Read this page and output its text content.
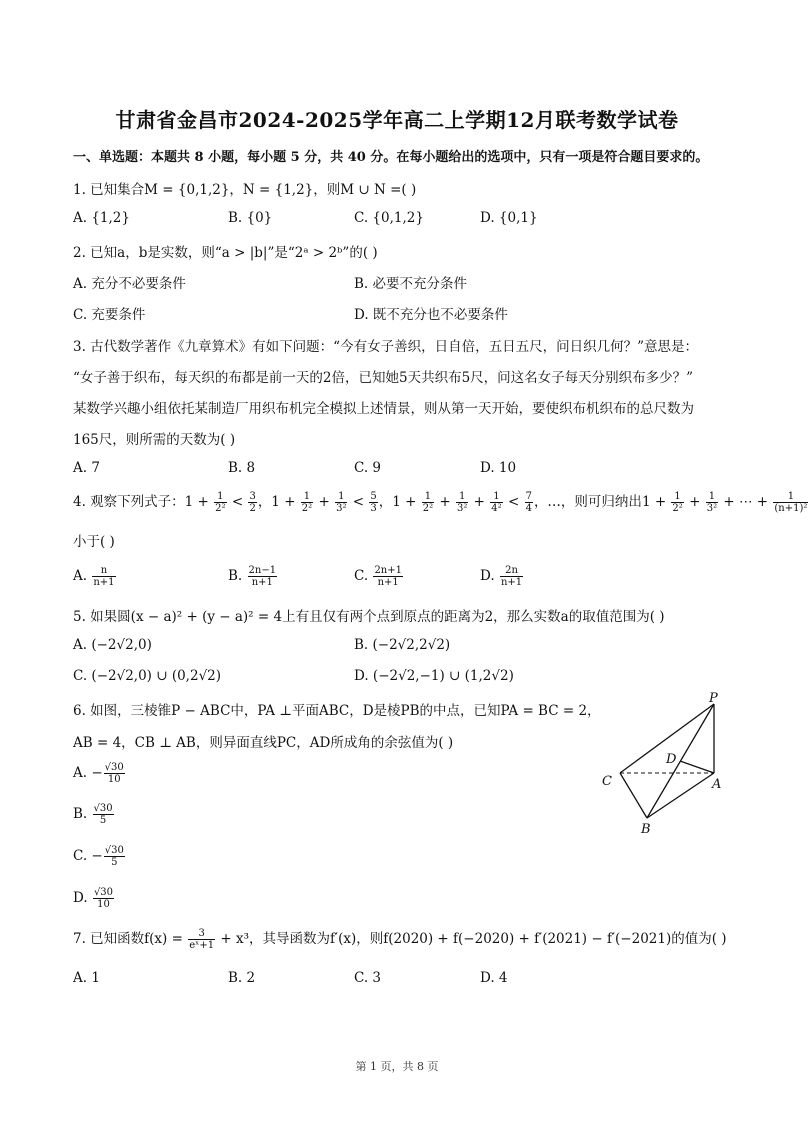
甘肃省金昌市2024-2025学年高二上学期12月联考数学试卷
一、单选题：本题共 8 小题，每小题 5 分，共 40 分。在每小题给出的选项中，只有一项是符合题目要求的。
1. 已知集合M = {0,1,2}，N = {1,2}，则M ∪ N =( )
A. {1,2}	B. {0}	C. {0,1,2}	D. {0,1}
2. 已知a，b是实数，则“a > |b|”是“2ᵃ > 2ᵇ”的( )
A. 充分不必要条件	B. 必要不充分条件
C. 充要条件	D. 既不充分也不必要条件
3. 古代数学著作《九章算术》有如下问题：“今有女子善织，日自倍，五日五尺，问日织几何？”意思是：
“女子善于织布，每天织的布都是前一天的2倍，已知她5天共织布5尺，问这名女子每天分别织布多少？”
某数学兴趣小组依托某制造厂用织布机完全模拟上述情景，则从第一天开始，要使织布机织布的总尺数为
165尺，则所需的天数为( )
A. 7	B. 8	C. 9	D. 10
4. 观察下列式子：$1 + \frac{1}{\text{2²}} < \frac{3}{2}$ ，$1 + \frac{1}{\text{2²}} + \frac{1}{\text{3²}} < \frac{5}{3}$ ，$1 + \frac{1}{\text{2²}} + \frac{1}{\text{3²}} + \frac{1}{\text{4²}} < \frac{7}{4}$ ，…，则可归纳出$1 + \frac{1}{\text{2²}} + \frac{1}{\text{3²}}$ + ⋯ + $\frac{1}{\text{(n+1)²}}$
小于( )
A. $\frac{n}{n+1}$	B. $\frac{2n-1}{n+1}$	C. $\frac{2n+1}{n+1}$	D. $\frac{2n}{n+1}$
5. 如果圆(x − a)² + (y − a)² = 4上有且仅有两个点到原点的距离为2，那么实数a的取值范围为( )
A. (−2√2,0)	B. (−2√2,2√2)
C. (−2√2,0) ∪ (0,2√2)	D. (−2√2,−1) ∪ (1,2√2)
6. 如图，三棱锥P − ABC中，PA ⊥平面ABC，D是棱PB的中点，已知PA = BC = 2，
AB = 4，CB ⊥ AB，则异面直线PC，AD所成角的余弦值为( )
A. − $\frac{√30}{10}$
B. $\frac{√30}{5}$
C. − $\frac{√30}{5}$
D. $\frac{√30}{10}$
P
D
C	A
B
7. 已知函数$f(x) = \frac{3}{\text{eˣ+1}} + x^3$，其导函数为f′(x)，则f(2020) + f(−2020) + f′(2021) − f′(−2021)的值为( )
A. 1	B. 2	C. 3	D. 4
第 1 页，共 8 页
